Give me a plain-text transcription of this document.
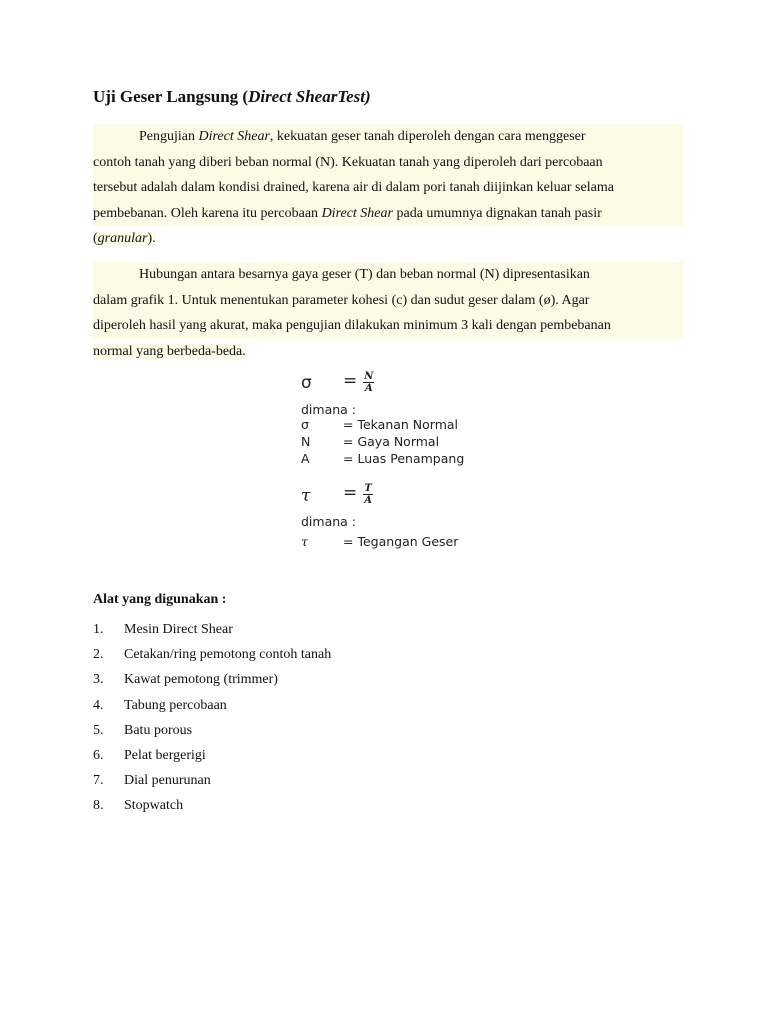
Uji Geser Langsung (Direct ShearTest)
Pengujian Direct Shear, kekuatan geser tanah diperoleh dengan cara menggeser
contoh tanah yang diberi beban normal (N). Kekuatan tanah yang diperoleh dari percobaan
tersebut adalah dalam kondisi drained, karena air di dalam pori tanah diijinkan keluar selama
pembebanan. Oleh karena itu percobaan Direct Shear pada umumnya dignakan tanah pasir
(granular).
Hubungan antara besarnya gaya geser (T) dan beban normal (N) dipresentasikan
dalam grafik 1. Untuk menentukan parameter kohesi (c) dan sudut geser dalam (ø). Agar
diperoleh hasil yang akurat, maka pengujian dilakukan minimum 3 kali dengan pembebanan
normal yang berbeda-beda.
$\sigma = \frac{N}{A}$
dimana :
σ	= Tekanan Normal
N	= Gaya Normal
A	= Luas Penampang
$\tau = \frac{T}{A}$
dimana :
τ	= Tegangan Geser
Alat yang digunakan :
1. Mesin Direct Shear
2. Cetakan/ring pemotong contoh tanah
3. Kawat pemotong (trimmer)
4. Tabung percobaan
5. Batu porous
6. Pelat bergerigi
7. Dial penurunan
8. Stopwatch
